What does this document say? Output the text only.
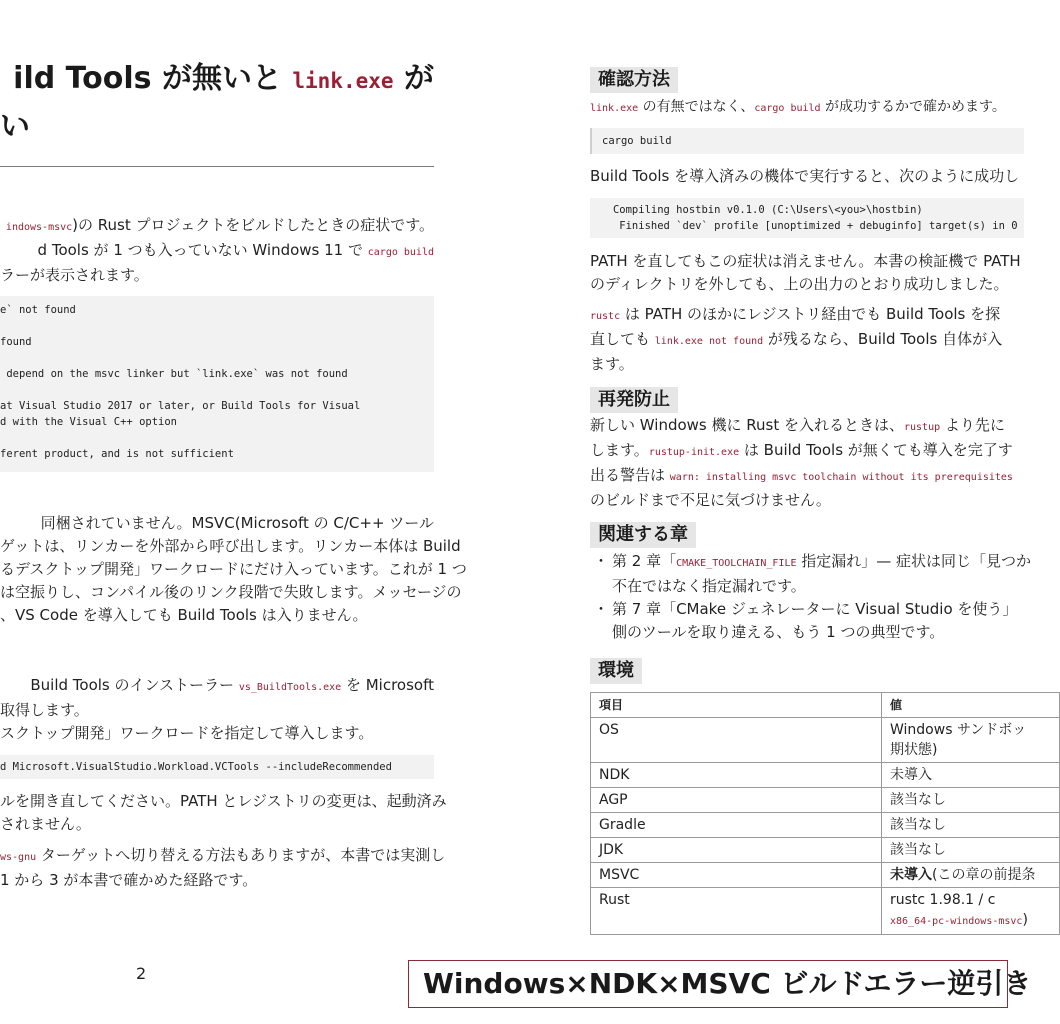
ild Tools が無いと link.exe が
い
indows-msvc)の Rust プロジェクトをビルドしたときの症状です。
d Tools が 1 つも入っていない Windows 11 で cargo build
ラーが表示されます。
e` not found

found

depend on the msvc linker but `link.exe` was not found

at Visual Studio 2017 or later, or Build Tools for Visual
d with the Visual C++ option

ferent product, and is not sufficient
同梱されていません。MSVC(Microsoft の C/C++ ツール
ゲットは、リンカーを外部から呼び出します。リンカー本体は Build
るデスクトップ開発」ワークロードにだけ入っています。これが 1 つ
は空振りし、コンパイル後のリンク段階で失敗します。メッセージの
、VS Code を導入しても Build Tools は入りません。
Build Tools のインストーラー vs_BuildTools.exe を Microsoft
取得します。
スクトップ開発」ワークロードを指定して導入します。
d Microsoft.VisualStudio.Workload.VCTools --includeRecommended
ルを開き直してください。PATH とレジストリの変更は、起動済み
されません。
ws-gnu ターゲットへ切り替える方法もありますが、本書では実測し
1 から 3 が本書で確かめた経路です。
確認方法
link.exe の有無ではなく、cargo build が成功するかで確かめます。
cargo build
Build Tools を導入済みの機体で実行すると、次のように成功し
Compiling hostbin v0.1.0 (C:\Users\<you>\hostbin)
Finished `dev` profile [unoptimized + debuginfo] target(s) in 0
PATH を直してもこの症状は消えません。本書の検証機で PATH
のディレクトリを外しても、上の出力のとおり成功しました。
rustc は PATH のほかにレジストリ経由でも Build Tools を探
直しても link.exe not found が残るなら、Build Tools 自体が入
ます。
再発防止
新しい Windows 機に Rust を入れるときは、rustup より先に
します。rustup-init.exe は Build Tools が無くても導入を完了す
出る警告は warn: installing msvc toolchain without its prerequisites
のビルドまで不足に気づけません。
関連する章
・ 第 2 章「CMAKE_TOOLCHAIN_FILE 指定漏れ」— 症状は同じ「見つか
不在ではなく指定漏れです。
・ 第 7 章「CMake ジェネレーターに Visual Studio を使う」
側のツールを取り違える、もう 1 つの典型です。
環境
項目	値
OS	Windows サンドボッ
期状態)

NDK	未導入
AGP	該当なし
Gradle	該当なし
JDK	該当なし
MSVC	未導入(この章の前提条
Rust	rustc 1.98.1 / c
x86_64-pc-windows-msvc)
2	Windows×NDK×MSVC ビルドエラー逆引き
